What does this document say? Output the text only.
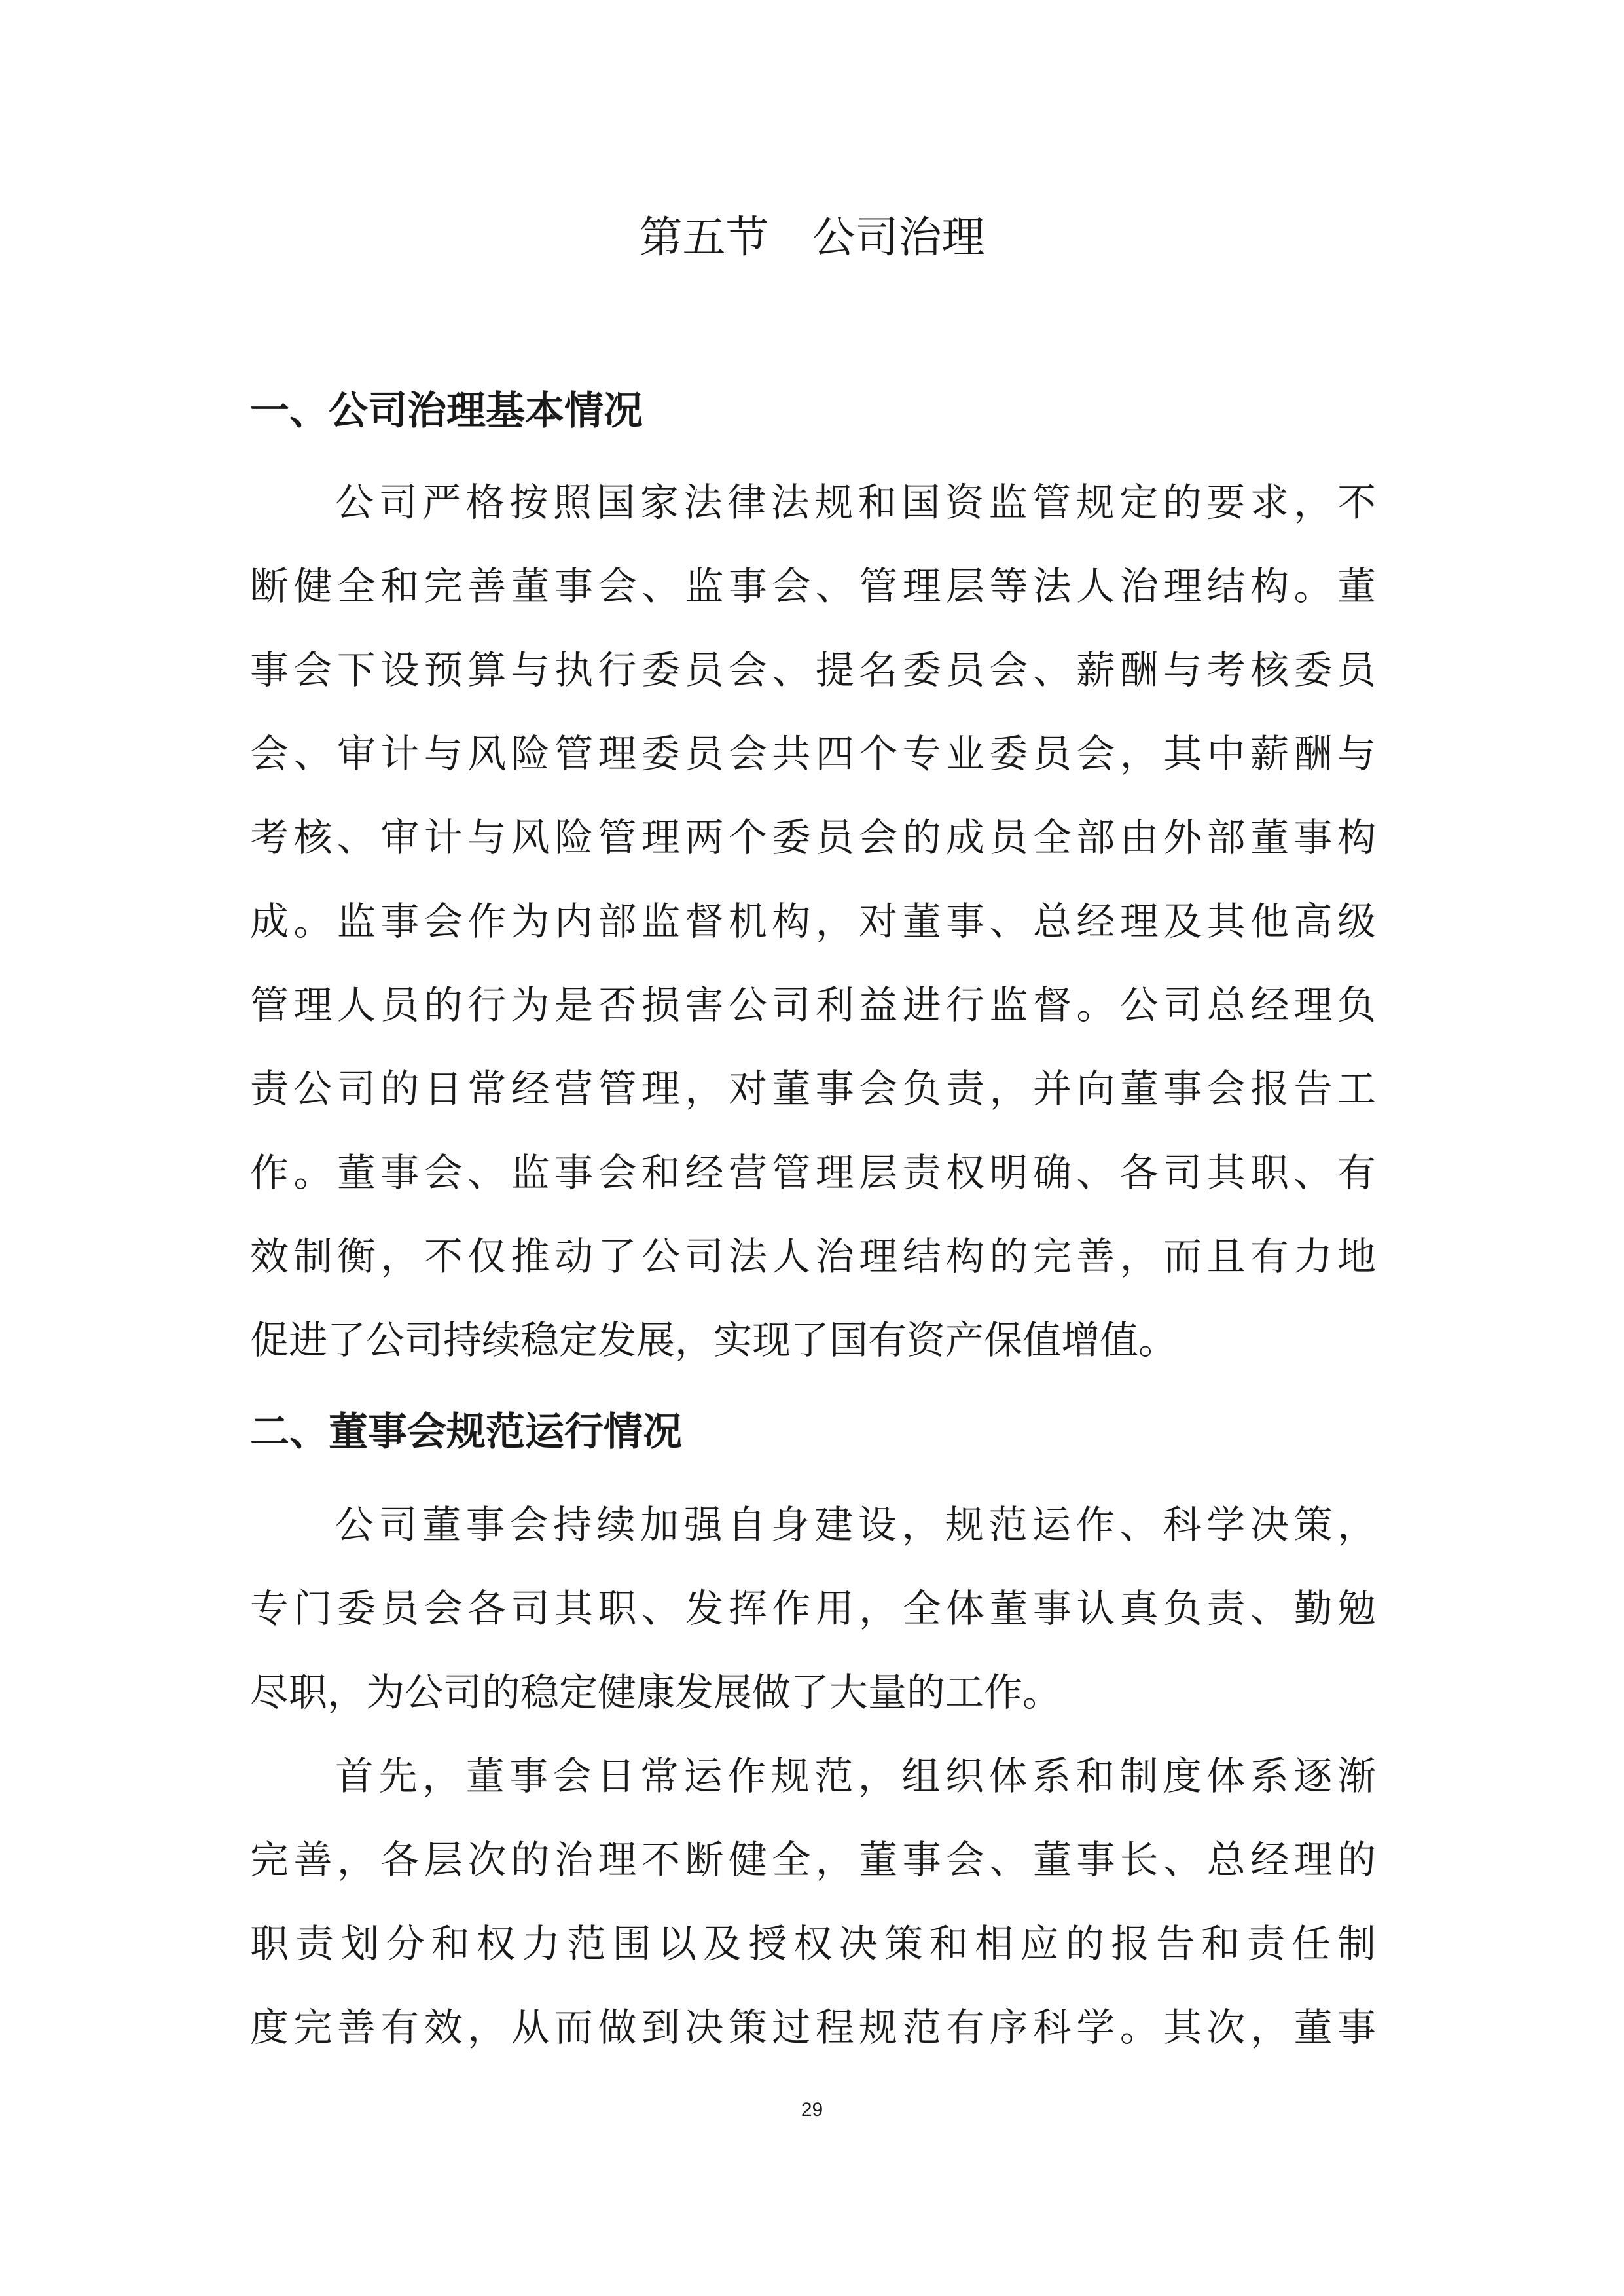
第五节　公司治理
一、公司治理基本情况
公司严格按照国家法律法规和国资监管规定的要求，不
断健全和完善董事会、监事会、管理层等法人治理结构。董
事会下设预算与执行委员会、提名委员会、薪酬与考核委员
会、审计与风险管理委员会共四个专业委员会，其中薪酬与
考核、审计与风险管理两个委员会的成员全部由外部董事构
成。监事会作为内部监督机构，对董事、总经理及其他高级
管理人员的行为是否损害公司利益进行监督。公司总经理负
责公司的日常经营管理，对董事会负责，并向董事会报告工
作。董事会、监事会和经营管理层责权明确、各司其职、有
效制衡，不仅推动了公司法人治理结构的完善，而且有力地
促进了公司持续稳定发展，实现了国有资产保值增值。
二、董事会规范运行情况
公司董事会持续加强自身建设，规范运作、科学决策，
专门委员会各司其职、发挥作用，全体董事认真负责、勤勉
尽职，为公司的稳定健康发展做了大量的工作。
首先，董事会日常运作规范，组织体系和制度体系逐渐
完善，各层次的治理不断健全，董事会、董事长、总经理的
职责划分和权力范围以及授权决策和相应的报告和责任制
度完善有效，从而做到决策过程规范有序科学。其次，董事
29
